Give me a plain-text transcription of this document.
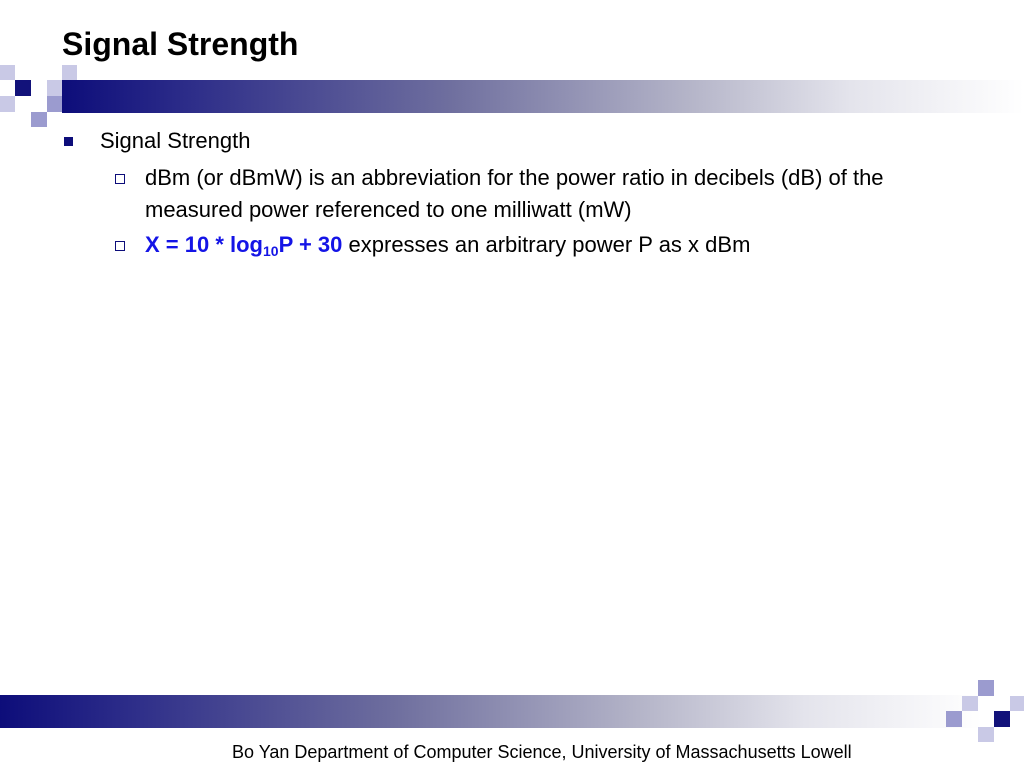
Signal Strength
Signal Strength
dBm (or dBmW) is an abbreviation for the power ratio in decibels (dB) of the measured power referenced to one milliwatt (mW)
$X = 10 * \log_{10}P + 30$ expresses an arbitrary power P as x dBm
Bo Yan Department of Computer Science, University of Massachusetts Lowell
